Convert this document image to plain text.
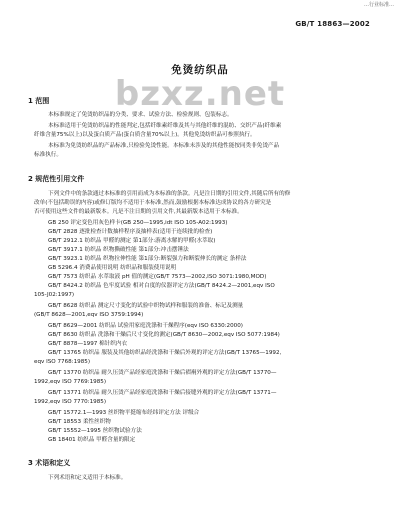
…行业标准…
GB/T 18863—2002
免烫纺织品
bzxz.net
1 范围
本标准规定了免烫纺织品的分类、要求、试验方法、检验规则、包装标志。
本标准适用于免烫纺织品的性能判定,包括纤维素纤维及其与其他纤维的混纺、交织产品(纤维素
纤维含量75%以上)以及蛋白质产品(蛋白质含量70%以上)。其他免烫纺织品可参照执行。
本标准为免烫纺织品的产品标准,只检验免烫性能。本标准未涉及的其他性能按同类非免烫产品
标准执行。
2 规范性引用文件
下列文件中的条款通过本标准的引用而成为本标准的条款。凡是注日期的引用文件,其随后所有的修
改单(不包括勘误的内容)或修订版均不适用于本标准,然而,鼓励根据本标准达成协议的各方研究是
否可使用这些文件的最新版本。凡是不注日期的引用文件,其最新版本适用于本标准。
GB 250 评定变色用灰色样卡(GB 250—1995,idt ISO 105-A02:1993)
GB/T 2828 逐批检查计数抽样程序及抽样表(适用于连续批的检查)
GB/T 2912.1 纺织品 甲醛的测定 第1部分:游离水解的甲醛(水萃取)
GB/T 3917.1 纺织品 织物撕破性能 第1部分:冲击摆锤法
GB/T 3923.1 纺织品 织物拉伸性能 第1部分:断裂强力和断裂伸长的测定 条样法
GB 5296.4 消费品使用说明 纺织品和服装使用说明
GB/T 7573 纺织品 水萃取液 pH 值的测定(GB/T 7573—2002,ISO 3071:1980,MOD)
GB/T 8424.2 纺织品 色牢度试验 相对白度的仪器评定方法(GB/T 8424.2—2001,eqv ISO
105-J02:1997)
GB/T 8628 纺织品 测定尺寸变化的试验中织物试样和服装的准备、标记及测量
(GB/T 8628—2001,eqv ISO 3759:1994)
GB/T 8629—2001 纺织品 试验用家庭洗涤和干燥程序(eqv ISO 6330:2000)
GB/T 8630 纺织品 洗涤和干燥后尺寸变化的测定(GB/T 8630—2002,eqv ISO 5077:1984)
GB/T 8878—1997 棉针织内衣
GB/T 13765 纺织品 服装及其他纺织品经洗涤和干燥后外观的评定方法(GB/T 13765—1992,
eqv ISO 7768:1985)
GB/T 13770 纺织品 耐久压烫产品经家庭洗涤和干燥后褶裥外观的评定方法(GB/T 13770—
1992,eqv ISO 7769:1985)
GB/T 13771 纺织品 耐久压烫产品经家庭洗涤和干燥后接缝外观的评定方法(GB/T 13771—
1992,eqv ISO 7770:1985)
GB/T 15772.1—1993 丝织物平挺缩布经纬评定方法 评级合
GB/T 18553 柔性丝织物
GB/T 15552—1995 丝织物试验方法
GB 18401 纺织品 甲醛含量的限定
3 术语和定义
下列术语和定义适用于本标准。
